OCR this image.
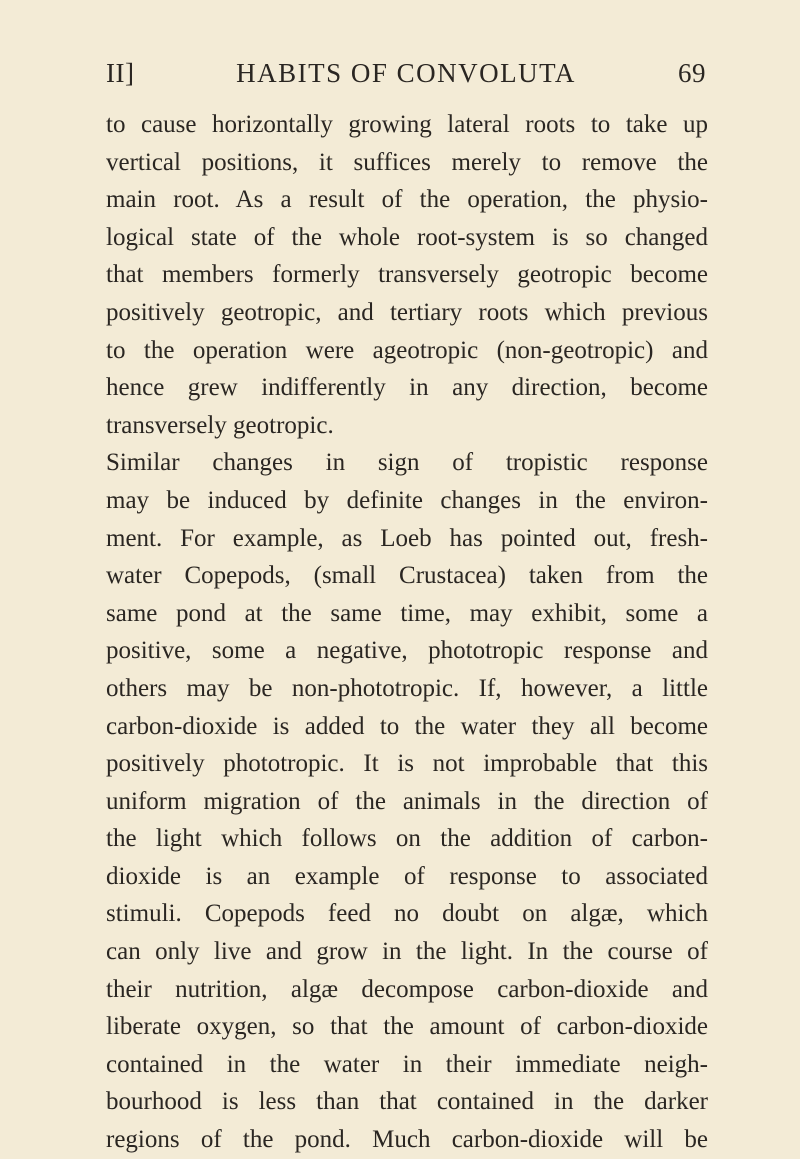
II]	HABITS OF CONVOLUTA	69
to cause horizontally growing lateral roots to take up
vertical positions, it suffices merely to remove the
main root. As a result of the operation, the physio-
logical state of the whole root-system is so changed
that members formerly transversely geotropic become
positively geotropic, and tertiary roots which previous
to the operation were ageotropic (non-geotropic) and
hence grew indifferently in any direction, become
transversely geotropic.
Similar changes in sign of tropistic response
may be induced by definite changes in the environ-
ment. For example, as Loeb has pointed out, fresh-
water Copepods, (small Crustacea) taken from the
same pond at the same time, may exhibit, some a
positive, some a negative, phototropic response and
others may be non-phototropic. If, however, a little
carbon-dioxide is added to the water they all become
positively phototropic. It is not improbable that this
uniform migration of the animals in the direction of
the light which follows on the addition of carbon-
dioxide is an example of response to associated
stimuli. Copepods feed no doubt on algæ, which
can only live and grow in the light. In the course of
their nutrition, algæ decompose carbon-dioxide and
liberate oxygen, so that the amount of carbon-dioxide
contained in the water in their immediate neigh-
bourhood is less than that contained in the darker
regions of the pond. Much carbon-dioxide will be
